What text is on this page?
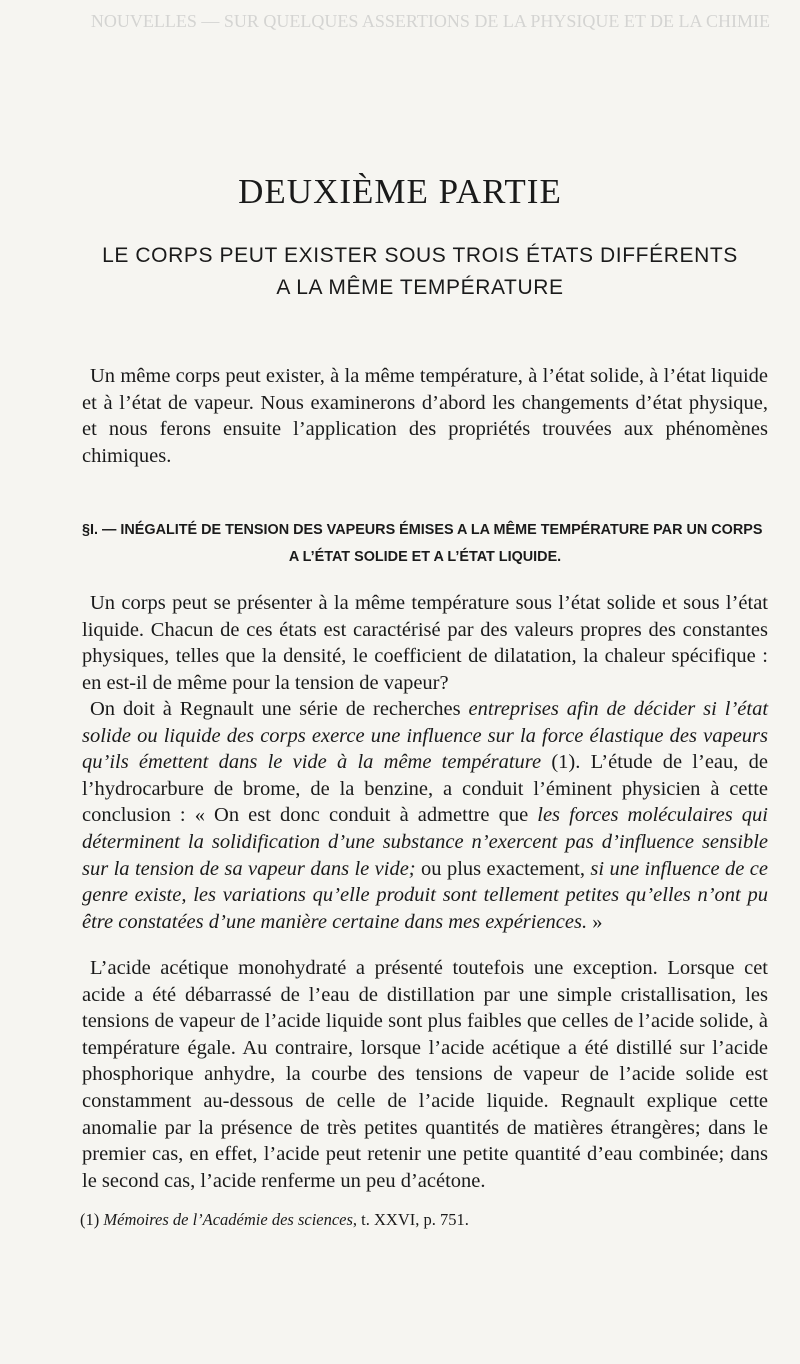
NOUVELLES — SUR QUELQUES ASSERTIONS DE LA PHYSIQUE ET DE LA CHIMIE
DEUXIÈME PARTIE
LE CORPS PEUT EXISTER SOUS TROIS ÉTATS DIFFÉRENTS
A LA MÊME TEMPÉRATURE

Un même corps peut exister, à la même température, à l’état solide, à l’état liquide et à l’état de vapeur. Nous examinerons d’abord les changements d’état physique, et nous ferons ensuite l’application des propriétés trouvées aux phénomènes chimiques.

§I. — INÉGALITÉ DE TENSION DES VAPEURS ÉMISES A LA MÊME TEMPÉRATURE PAR UN CORPS
A L’ÉTAT SOLIDE ET A L’ÉTAT LIQUIDE.

Un corps peut se présenter à la même température sous l’état solide et sous l’état liquide. Chacun de ces états est caractérisé par des valeurs propres des constantes physiques, telles que la densité, le coefficient de dilatation, la chaleur spécifique : en est-il de même pour la tension de vapeur?

On doit à Regnault une série de recherches entreprises afin de décider si l’état solide ou liquide des corps exerce une influence sur la force élastique des vapeurs qu’ils émettent dans le vide à la même température (1). L’étude de l’eau, de l’hydrocarbure de brome, de la benzine, a conduit l’éminent physicien à cette conclusion : « On est donc conduit à admettre que les forces moléculaires qui déterminent la solidification d’une substance n’exercent pas d’influence sensible sur la tension de sa vapeur dans le vide; ou plus exactement, si une influence de ce genre existe, les variations qu’elle produit sont tellement petites qu’elles n’ont pu être constatées d’une manière certaine dans mes expériences. »

L’acide acétique monohydraté a présenté toutefois une exception. Lorsque cet acide a été débarrassé de l’eau de distillation par une simple cristallisation, les tensions de vapeur de l’acide liquide sont plus faibles que celles de l’acide solide, à température égale. Au contraire, lorsque l’acide acétique a été distillé sur l’acide phosphorique anhydre, la courbe des tensions de vapeur de l’acide solide est constamment au-dessous de celle de l’acide liquide. Regnault explique cette anomalie par la présence de très petites quantités de matières étrangères; dans le premier cas, en effet, l’acide peut retenir une petite quantité d’eau combinée; dans le second cas, l’acide renferme un peu d’acétone.

(1) Mémoires de l’Académie des sciences, t. XXVI, p. 751.
